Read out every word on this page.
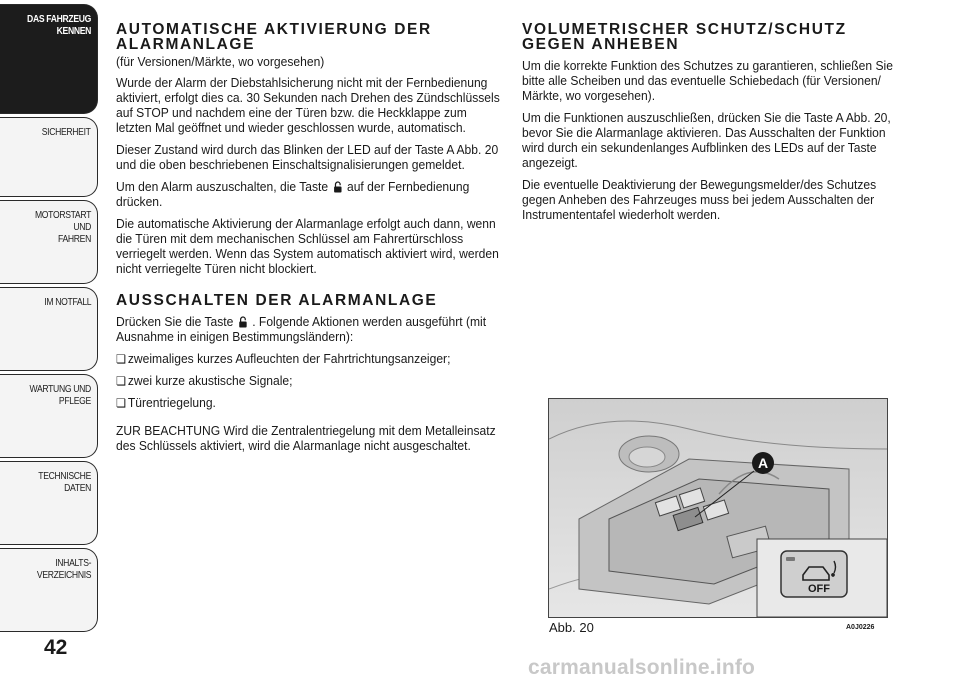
DAS FAHRZEUG
KENNEN
SICHERHEIT
MOTORSTART UND
FAHREN
IM NOTFALL
WARTUNG UND
PFLEGE
TECHNISCHE DATEN
INHALTS-
VERZEICHNIS
42
AUTOMATISCHE AKTIVIERUNG DER ALARMANLAGE

(für Versionen/Märkte, wo vorgesehen)

Wurde der Alarm der Diebstahlsicherung nicht mit der Fernbedienung aktiviert, erfolgt dies ca. 30 Sekunden nach Drehen des Zündschlüssels auf STOP und nachdem eine der Türen bzw. die Heckklappe zum letzten Mal geöffnet und wieder geschlossen wurde, automatisch.

Dieser Zustand wird durch das Blinken der LED auf der Taste A Abb. 20 und die oben beschriebenen Einschaltsignalisierungen gemeldet.

Um den Alarm auszuschalten, die Taste auf der Fernbedienung drücken.

Die automatische Aktivierung der Alarmanlage erfolgt auch dann, wenn die Türen mit dem mechanischen Schlüssel am Fahrertürschloss verriegelt werden. Wenn das System automatisch aktiviert wird, werden nicht verriegelte Türen nicht blockiert.

AUSSCHALTEN DER ALARMANLAGE

Drücken Sie die Taste . Folgende Aktionen werden ausgeführt (mit Ausnahme in einigen Bestimmungsländern):

❏ zweimaliges kurzes Aufleuchten der Fahrtrichtungsanzeiger;

❏ zwei kurze akustische Signale;

❏ Türentriegelung.

ZUR BEACHTUNG Wird die Zentralentriegelung mit dem Metalleinsatz des Schlüssels aktiviert, wird die Alarmanlage nicht ausgeschaltet.

VOLUMETRISCHER SCHUTZ/SCHUTZ GEGEN ANHEBEN

Um die korrekte Funktion des Schutzes zu garantieren, schließen Sie bitte alle Scheiben und das eventuelle Schiebedach (für Versionen/ Märkte, wo vorgesehen).

Um die Funktionen auszuschließen, drücken Sie die Taste A Abb. 20, bevor Sie die Alarmanlage aktivieren. Das Ausschalten der Funktion wird durch ein sekundenlanges Aufblinken des LEDs auf der Taste angezeigt.

Die eventuelle Deaktivierung der Bewegungsmelder/des Schutzes gegen Anheben des Fahrzeuges muss bei jedem Ausschalten der Instrumententafel wiederholt werden.

A
OFF
Abb. 20	A0J0226
carmanualsonline.info
